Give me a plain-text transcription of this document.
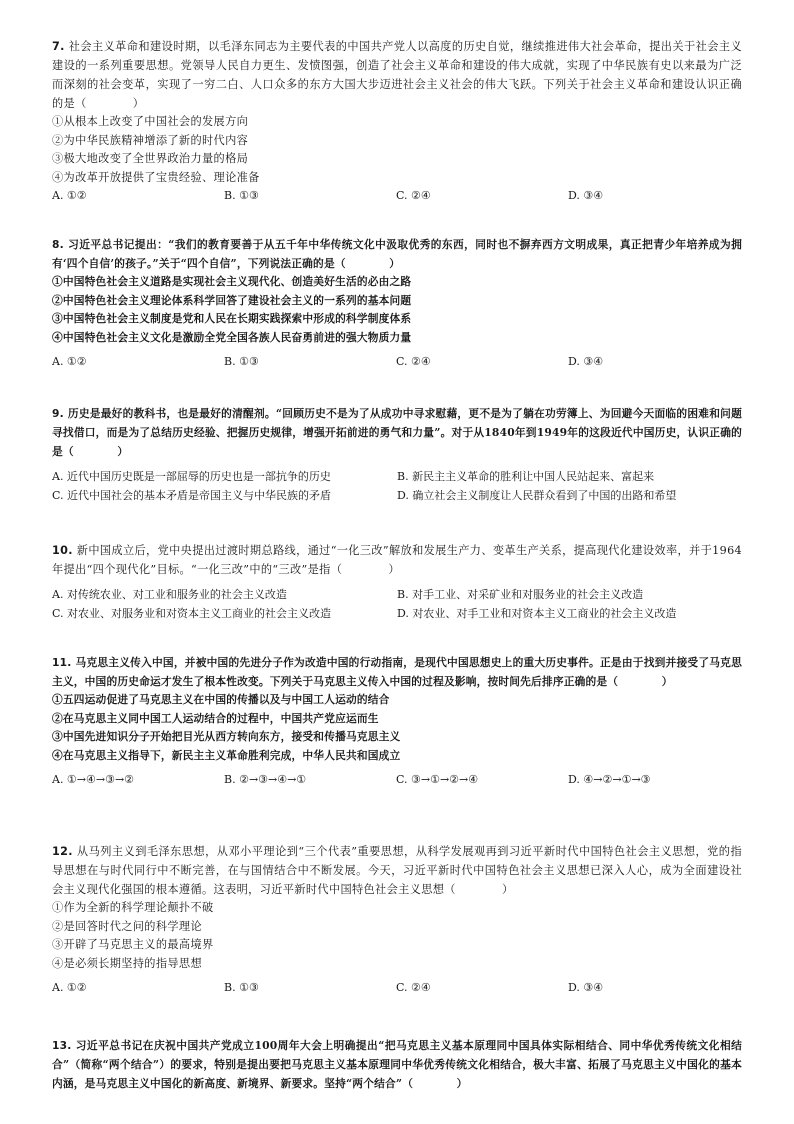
7. 社会主义革命和建设时期，以毛泽东同志为主要代表的中国共产党人以高度的历史自觉，继续推进伟大社会革命，提出关于社会主义建设的一系列重要思想。党领导人民自力更生、发愤图强，创造了社会主义革命和建设的伟大成就，实现了中华民族有史以来最为广泛而深刻的社会变革，实现了一穷二白、人口众多的东方大国大步迈进社会主义社会的伟大飞跃。下列关于社会主义革命和建设认识正确的是（　　　　）

①从根本上改变了中国社会的发展方向

②为中华民族精神增添了新的时代内容

③极大地改变了全世界政治力量的格局

④为改革开放提供了宝贵经验、理论准备

A. ①②	B. ①③	C. ②④	D. ③④

8. 习近平总书记提出：“我们的教育要善于从五千年中华传统文化中汲取优秀的东西，同时也不摒弃西方文明成果，真正把青少年培养成为拥有‘四个自信’的孩子。”关于“四个自信”，下列说法正确的是（　　　　）

①中国特色社会主义道路是实现社会主义现代化、创造美好生活的必由之路

②中国特色社会主义理论体系科学回答了建设社会主义的一系列的基本问题

③中国特色社会主义制度是党和人民在长期实践探索中形成的科学制度体系

④中国特色社会主义文化是激励全党全国各族人民奋勇前进的强大物质力量

A. ①②	B. ①③	C. ②④	D. ③④

9. 历史是最好的教科书，也是最好的清醒剂。“回顾历史不是为了从成功中寻求慰藉，更不是为了躺在功劳簿上、为回避今天面临的困难和问题寻找借口，而是为了总结历史经验、把握历史规律，增强开拓前进的勇气和力量”。对于从1840年到1949年的这段近代中国历史，认识正确的是（　　　　）

A. 近代中国历史既是一部屈辱的历史也是一部抗争的历史	B. 新民主主义革命的胜利让中国人民站起来、富起来
C. 近代中国社会的基本矛盾是帝国主义与中华民族的矛盾	D. 确立社会主义制度让人民群众看到了中国的出路和希望

10. 新中国成立后，党中央提出过渡时期总路线，通过“一化三改”解放和发展生产力、变革生产关系，提高现代化建设效率，并于1964年提出“四个现代化”目标。“一化三改”中的“三改”是指（　　　　）

A. 对传统农业、对工业和服务业的社会主义改造	B. 对手工业、对采矿业和对服务业的社会主义改造
C. 对农业、对服务业和对资本主义工商业的社会主义改造	D. 对农业、对手工业和对资本主义工商业的社会主义改造

11. 马克思主义传入中国，并被中国的先进分子作为改造中国的行动指南，是现代中国思想史上的重大历史事件。正是由于找到并接受了马克思主义，中国的历史命运才发生了根本性改变。下列关于马克思主义传入中国的过程及影响，按时间先后排序正确的是（　　　　）

①五四运动促进了马克思主义在中国的传播以及与中国工人运动的结合

②在马克思主义同中国工人运动结合的过程中，中国共产党应运而生

③中国先进知识分子开始把目光从西方转向东方，接受和传播马克思主义

④在马克思主义指导下，新民主主义革命胜利完成，中华人民共和国成立

A. ①→④→③→②	B. ②→③→④→①	C. ③→①→②→④	D. ④→②→①→③

12. 从马列主义到毛泽东思想，从邓小平理论到“三个代表”重要思想，从科学发展观再到习近平新时代中国特色社会主义思想，党的指导思想在与时代同行中不断完善，在与国情结合中不断发展。今天，习近平新时代中国特色社会主义思想已深入人心，成为全面建设社会主义现代化强国的根本遵循。这表明，习近平新时代中国特色社会主义思想（　　　　）

①作为全新的科学理论颠扑不破

②是回答时代之问的科学理论

③开辟了马克思主义的最高境界

④是必须长期坚持的指导思想

A. ①②	B. ①③	C. ②④	D. ③④

13. 习近平总书记在庆祝中国共产党成立100周年大会上明确提出“把马克思主义基本原理同中国具体实际相结合、同中华优秀传统文化相结合”（简称“两个结合”）的要求，特别是提出要把马克思主义基本原理同中华优秀传统文化相结合，极大丰富、拓展了马克思主义中国化的基本内涵，是马克思主义中国化的新高度、新境界、新要求。坚持“两个结合”（　　　　）
